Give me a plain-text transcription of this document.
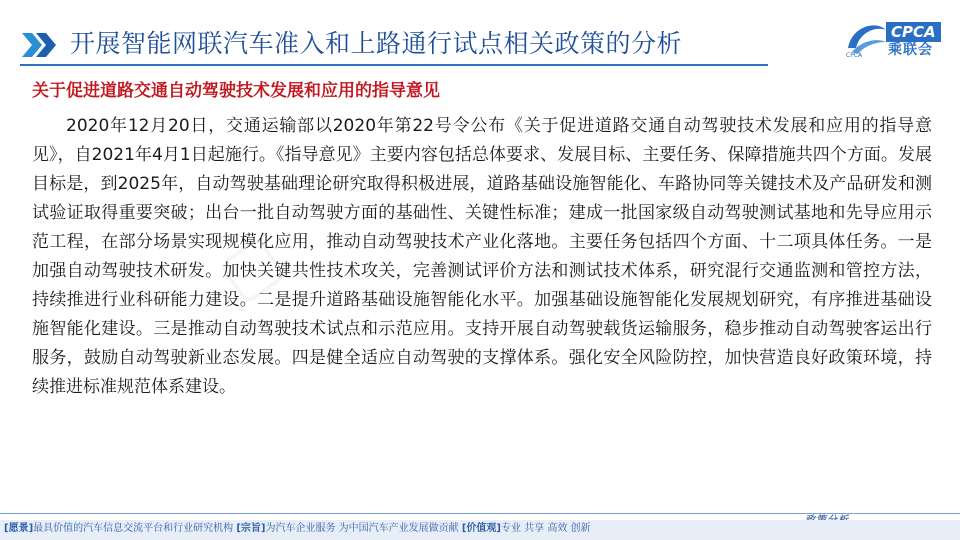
▢
开展智能网联汽车准入和上路通行试点相关政策的分析	CPCA
乘联会
CPCA
关于促进道路交通自动驾驶技术发展和应用的指导意见

2020年12月20日，交通运输部以2020年第22号令公布《关于促进道路交通自动驾驶技术发展和应用的指导意见》，自2021年4月1日起施行。《指导意见》主要内容包括总体要求、发展目标、主要任务、保障措施共四个方面。发展目标是，到2025年，自动驾驶基础理论研究取得积极进展，道路基础设施智能化、车路协同等关键技术及产品研发和测试验证取得重要突破；出台一批自动驾驶方面的基础性、关键性标准；建成一批国家级自动驾驶测试基地和先导应用示范工程，在部分场景实现规模化应用，推动自动驾驶技术产业化落地。主要任务包括四个方面、十二项具体任务。一是加强自动驾驶技术研发。加快关键共性技术攻关，完善测试评价方法和测试技术体系，研究混行交通监测和管控方法，持续推进行业科研能力建设。二是提升道路基础设施智能化水平。加强基础设施智能化发展规划研究，有序推进基础设施智能化建设。三是推动自动驾驶技术试点和示范应用。支持开展自动驾驶载货运输服务，稳步推动自动驾驶客运出行服务，鼓励自动驾驶新业态发展。四是健全适应自动驾驶的支撑体系。强化安全风险防控，加快营造良好政策环境，持续推进标准规范体系建设。

[愿景]最具价值的汽车信息交流平台和行业研究机构 [宗旨]为汽车企业服务 为中国汽车产业发展做贡献 [价值观]专业 共享 高效 创新
